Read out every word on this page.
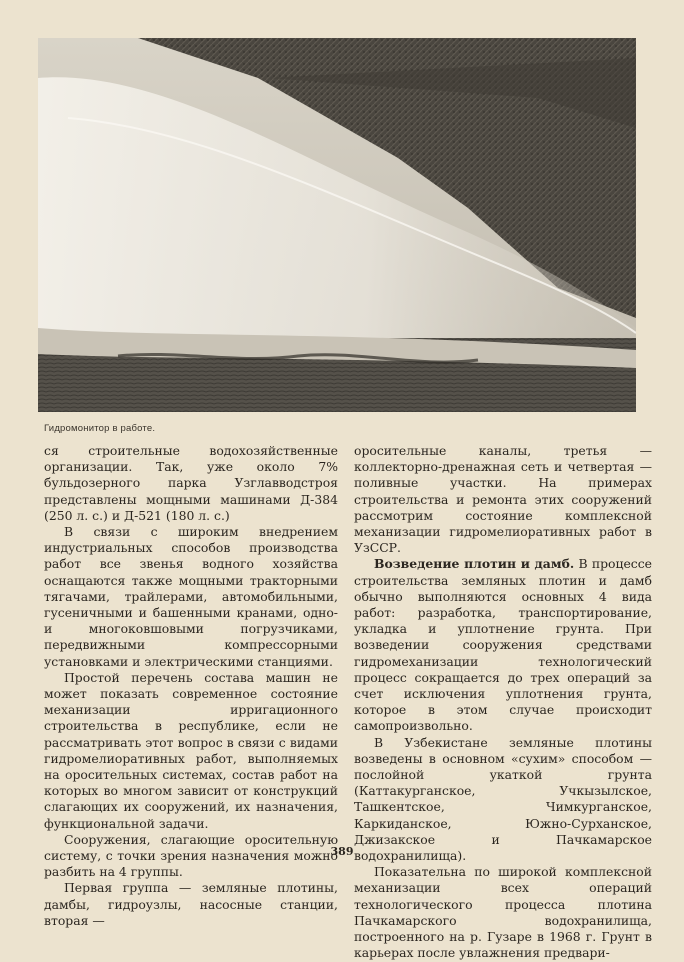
Гидромонитор в работе.

ся строительные водохозяйственные организации. Так, уже около 7% бульдозерного парка Узглавводстроя представлены мощными машинами Д-384 (250 л. с.) и Д-521 (180 л. с.)

В связи с широким внедрением индустриальных способов производства работ все звенья водного хозяйства оснащаются также мощными тракторными тягачами, трайлерами, автомобильными, гусеничными и башенными кранами, одно- и многоковшовыми погрузчиками, передвижными компрессорными установками и электрическими станциями.

Простой перечень состава машин не может показать современное состояние механизации ирригационного строительства в республике, если не рассматривать этот вопрос в связи с видами гидромелиоративных работ, выполняемых на оросительных системах, состав работ на которых во многом зависит от конструкций слагающих их сооружений, их назначения, функциональной задачи.

Сооружения, слагающие оросительную систему, с точки зрения назначения можно разбить на 4 группы.

Первая группа — земляные плотины, дамбы, гидроузлы, насосные станции, вторая —

оросительные каналы, третья — коллекторно-дренажная сеть и четвертая — поливные участки. На примерах строительства и ремонта этих сооружений рассмотрим состояние комплексной механизации гидромелиоративных работ в УзССР.

Возведение плотин и дамб. В процессе строительства земляных плотин и дамб обычно выполняются основных 4 вида работ: разработка, транспортирование, укладка и уплотнение грунта. При возведении сооружения средствами гидромеханизации технологический процесс сокращается до трех операций за счет исключения уплотнения грунта, которое в этом случае происходит самопроизвольно.

В Узбекистане земляные плотины возведены в основном «сухим» способом — послойной укаткой грунта (Каттакурганское, Учкызылское, Ташкентское, Чимкурганское, Каркиданское, Южно-Сурханское, Джизакское и Пачкамарское водохранилища).

Показательна по широкой комплексной механизации всех операций технологического процесса плотина Пачкамарского водохранилища, построенного на р. Гузаре в 1968 г. Грунт в карьерах после увлажнения предвари-

389
